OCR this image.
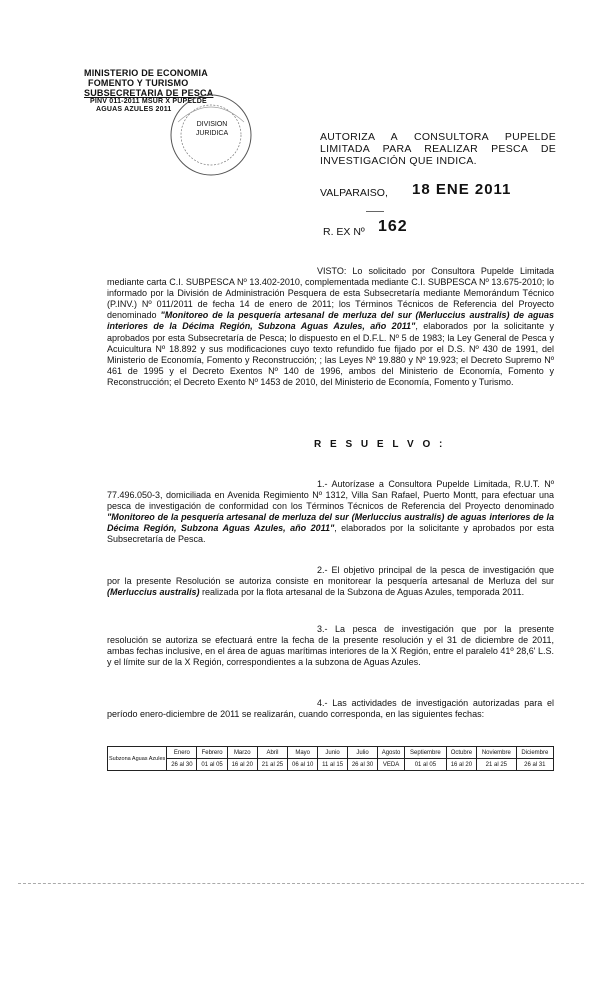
MINISTERIO DE ECONOMIA
FOMENTO Y TURISMO
SUBSECRETARIA DE PESCA
PINV 011-2011 MSUR X PUPELDE
AGUAS AZULES 2011
DIVISION
JURIDICA	AUTORIZA A CONSULTORA PUPELDE LIMITADA PARA REALIZAR PESCA DE INVESTIGACIÓN QUE INDICA.
VALPARAISO, 18 ENE 2011
R. EX Nº 162

VISTO: Lo solicitado por Consultora Pupelde Limitada mediante carta C.I. SUBPESCA Nº 13.402-2010, complementada mediante C.I. SUBPESCA Nº 13.675-2010; lo informado por la División de Administración Pesquera de esta Subsecretaría mediante Memorándum Técnico (P.INV.) Nº 011/2011 de fecha 14 de enero de 2011; los Términos Técnicos de Referencia del Proyecto denominado "Monitoreo de la pesquería artesanal de merluza del sur (Merluccius australis) de aguas interiores de la Décima Región, Subzona Aguas Azules, año 2011", elaborados por la solicitante y aprobados por esta Subsecretaría de Pesca; lo dispuesto en el D.F.L. Nº 5 de 1983; la Ley General de Pesca y Acuicultura Nº 18.892 y sus modificaciones cuyo texto refundido fue fijado por el D.S. Nº 430 de 1991, del Ministerio de Economía, Fomento y Reconstrucción; ; las Leyes Nº 19.880 y Nº 19.923; el Decreto Supremo Nº 461 de 1995 y el Decreto Exentos Nº 140 de 1996, ambos del Ministerio de Economía, Fomento y Reconstrucción; el Decreto Exento Nº 1453 de 2010, del Ministerio de Economía, Fomento y Turismo.

R E S U E L V O :

1.- Autorízase a Consultora Pupelde Limitada, R.U.T. Nº 77.496.050-3, domiciliada en Avenida Regimiento Nº 1312, Villa San Rafael, Puerto Montt, para efectuar una pesca de investigación de conformidad con los Términos Técnicos de Referencia del Proyecto denominado "Monitoreo de la pesquería artesanal de merluza del sur (Merluccius australis) de aguas interiores de la Décima Región, Subzona Aguas Azules, año 2011", elaborados por la solicitante y aprobados por esta Subsecretaría de Pesca.

2.- El objetivo principal de la pesca de investigación que por la presente Resolución se autoriza consiste en monitorear la pesquería artesanal de Merluza del sur (Merluccius australis) realizada por la flota artesanal de la Subzona de Aguas Azules, temporada 2011.

3.- La pesca de investigación que por la presente resolución se autoriza se efectuará entre la fecha de la presente resolución y el 31 de diciembre de 2011, ambas fechas inclusive, en el área de aguas marítimas interiores de la X Región, entre el paralelo 41º 28,6' L.S. y el límite sur de la X Región, correspondientes a la subzona de Aguas Azules.

4.- Las actividades de investigación autorizadas para el período enero-diciembre de 2011 se realizarán, cuando corresponda, en las siguientes fechas:

Subzona Aguas Azules	Enero	Febrero	Marzo	Abril	Mayo	Junio	Julio	Agosto	Septiembre	Octubre	Noviembre	Diciembre
	26 al 30	01 al 05	16 al 20	21 al 25	06 al 10	11 al 15	26 al 30	VEDA	01 al 05	16 al 20	21 al 25	26 al 31
